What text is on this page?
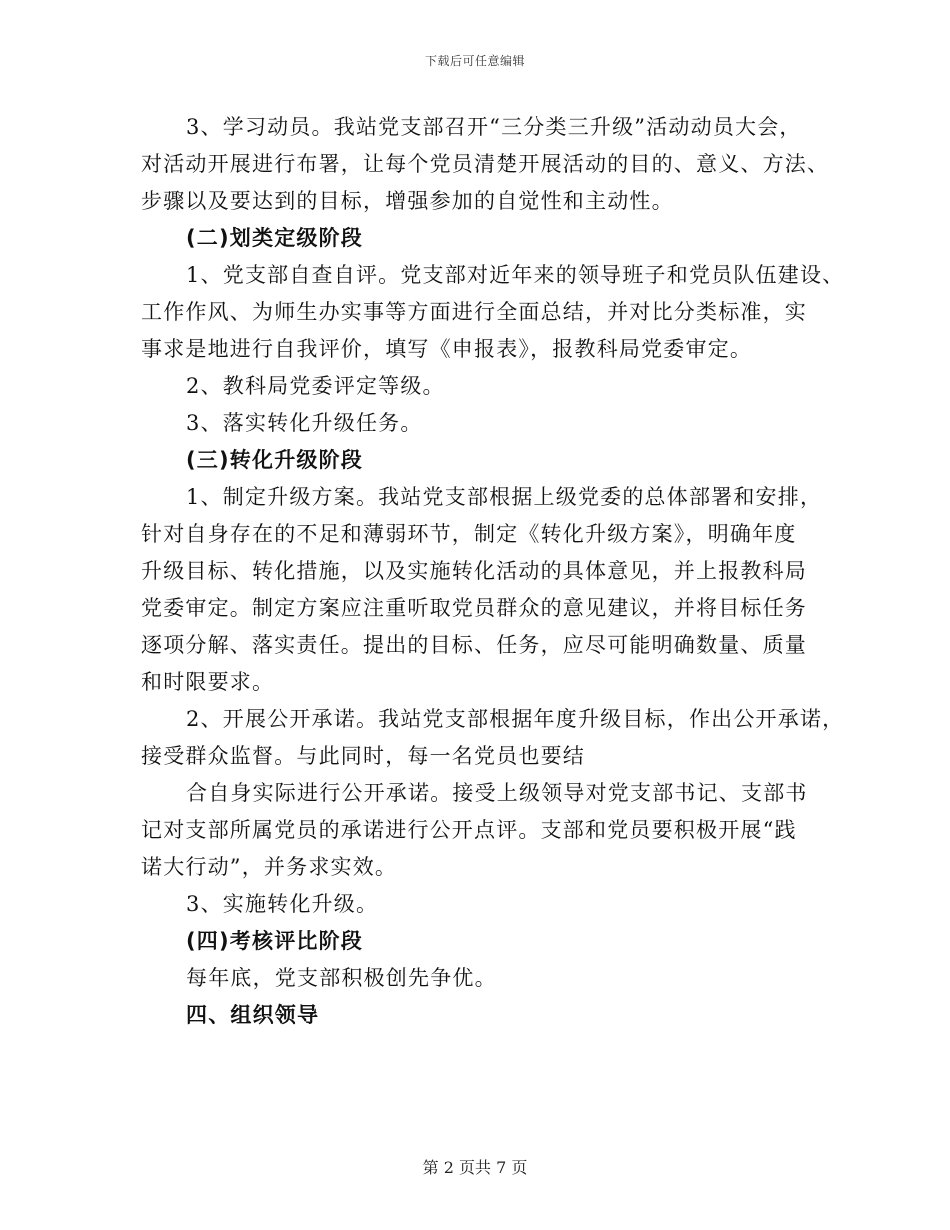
下载后可任意编辑
3、学习动员。我站党支部召开“三分类三升级”活动动员大会，
对活动开展进行布署，让每个党员清楚开展活动的目的、意义、方法、
步骤以及要达到的目标，增强参加的自觉性和主动性。
(二)划类定级阶段
1、党支部自查自评。党支部对近年来的领导班子和党员队伍建设、
工作作风、为师生办实事等方面进行全面总结，并对比分类标准，实
事求是地进行自我评价，填写《申报表》，报教科局党委审定。
2、教科局党委评定等级。
3、落实转化升级任务。
(三)转化升级阶段
1、制定升级方案。我站党支部根据上级党委的总体部署和安排，
针对自身存在的不足和薄弱环节，制定《转化升级方案》，明确年度
升级目标、转化措施，以及实施转化活动的具体意见，并上报教科局
党委审定。制定方案应注重听取党员群众的意见建议，并将目标任务
逐项分解、落实责任。提出的目标、任务，应尽可能明确数量、质量
和时限要求。
2、开展公开承诺。我站党支部根据年度升级目标，作出公开承诺，
接受群众监督。与此同时，每一名党员也要结
合自身实际进行公开承诺。接受上级领导对党支部书记、支部书
记对支部所属党员的承诺进行公开点评。支部和党员要积极开展“践
诺大行动”，并务求实效。
3、实施转化升级。
(四)考核评比阶段
每年底，党支部积极创先争优。
四、组织领导
第 2 页共 7 页
